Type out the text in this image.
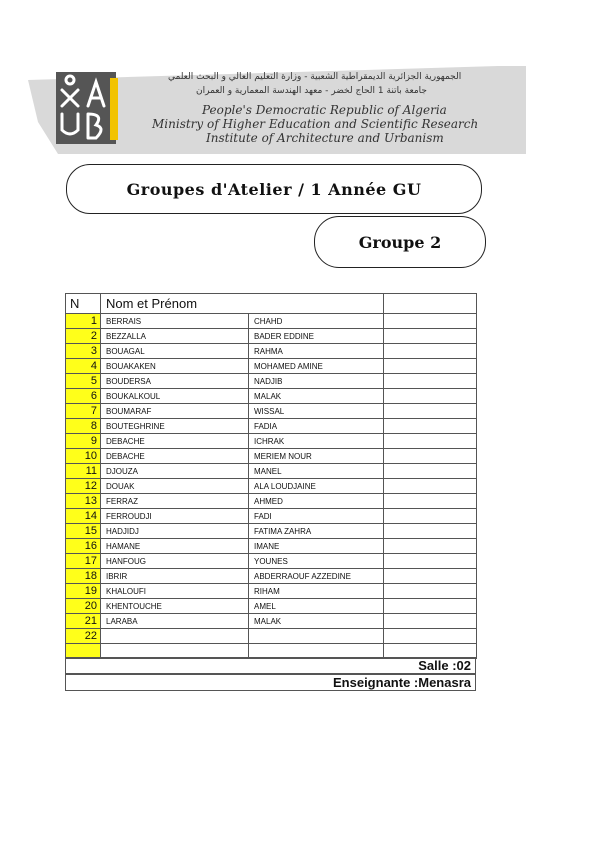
الجمهورية الجزائرية الديمقراطية الشعبية - وزارة التعليم العالي و البحث العلمي
جامعة باتنة 1 الحاج لخضر - معهد الهندسة المعمارية و العمران
People's Democratic Republic of Algeria
Ministry of Higher Education and Scientific Research
Institute of Architecture and Urbanism
Groupes d'Atelier / 1 Année GU
Groupe 2
N	Nom et Prénom		
1	BERRAIS	CHAHD	
2	BEZZALLA	BADER EDDINE	
3	BOUAGAL	RAHMA	
4	BOUAKAKEN	MOHAMED AMINE	
5	BOUDERSA	NADJIB	
6	BOUKALKOUL	MALAK	
7	BOUMARAF	WISSAL	
8	BOUTEGHRINE	FADIA	
9	DEBACHE	ICHRAK	
10	DEBACHE	MERIEM NOUR	
11	DJOUZA	MANEL	
12	DOUAK	ALA LOUDJAINE	
13	FERRAZ	AHMED	
14	FERROUDJI	FADI	
15	HADJIDJ	FATIMA ZAHRA	
16	HAMANE	IMANE	
17	HANFOUG	YOUNES	
18	IBRIR	ABDERRAOUF AZZEDINE	
19	KHALOUFI	RIHAM	
20	KHENTOUCHE	AMEL	
21	LARABA	MALAK	
22			

Salle :02
Enseignante :Menasra
